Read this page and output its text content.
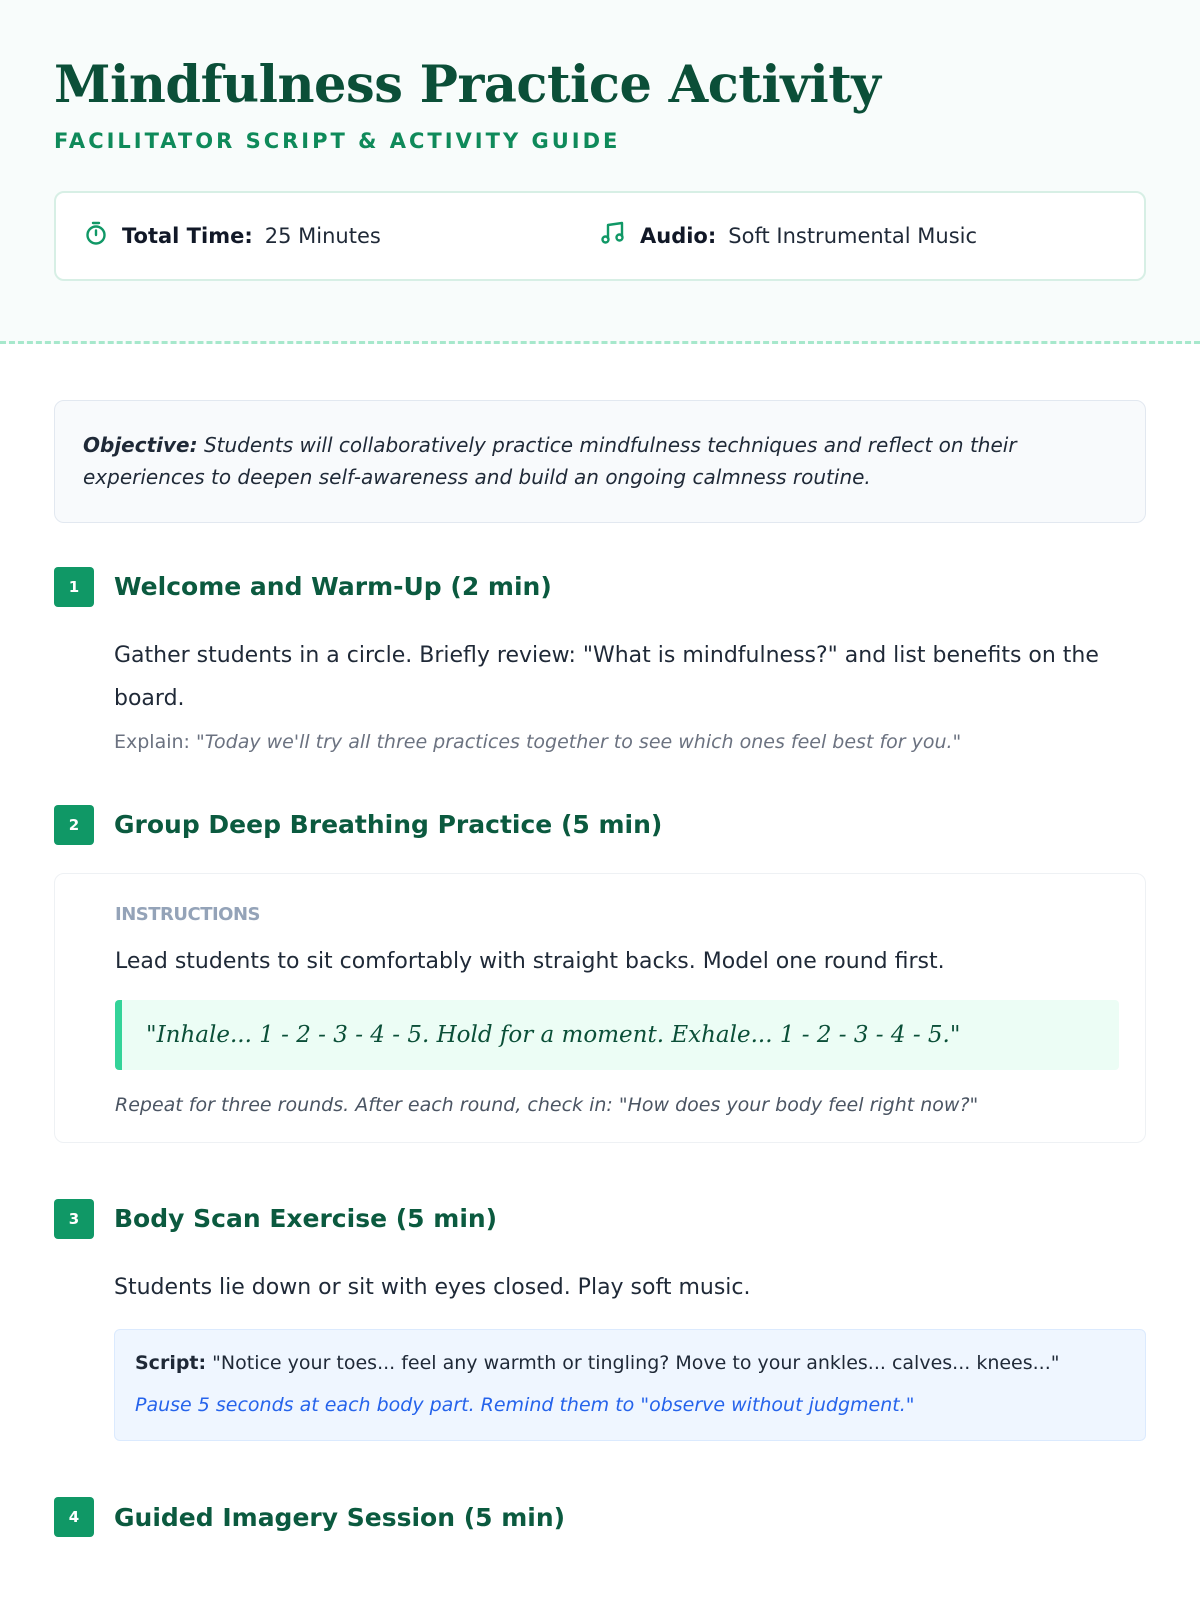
Mindfulness Practice Activity
FACILITATOR SCRIPT & ACTIVITY GUIDE
Total Time: 25 Minutes	Audio: Soft Instrumental Music
Objective: Students will collaboratively practice mindfulness techniques and reflect on their experiences to deepen self-awareness and build an ongoing calmness routine.
1	Welcome and Warm-Up (2 min)

Gather students in a circle. Briefly review: "What is mindfulness?" and list benefits on the board.

Explain: "Today we'll try all three practices together to see which ones feel best for you."

2	Group Deep Breathing Practice (5 min)
INSTRUCTIONS

Lead students to sit comfortably with straight backs. Model one round first.

"Inhale... 1 - 2 - 3 - 4 - 5. Hold for a moment. Exhale... 1 - 2 - 3 - 4 - 5."

Repeat for three rounds. After each round, check in: "How does your body feel right now?"

3	Body Scan Exercise (5 min)

Students lie down or sit with eyes closed. Play soft music.

Script: "Notice your toes... feel any warmth or tingling? Move to your ankles... calves... knees..."

Pause 5 seconds at each body part. Remind them to "observe without judgment."

4	Guided Imagery Session (5 min)
